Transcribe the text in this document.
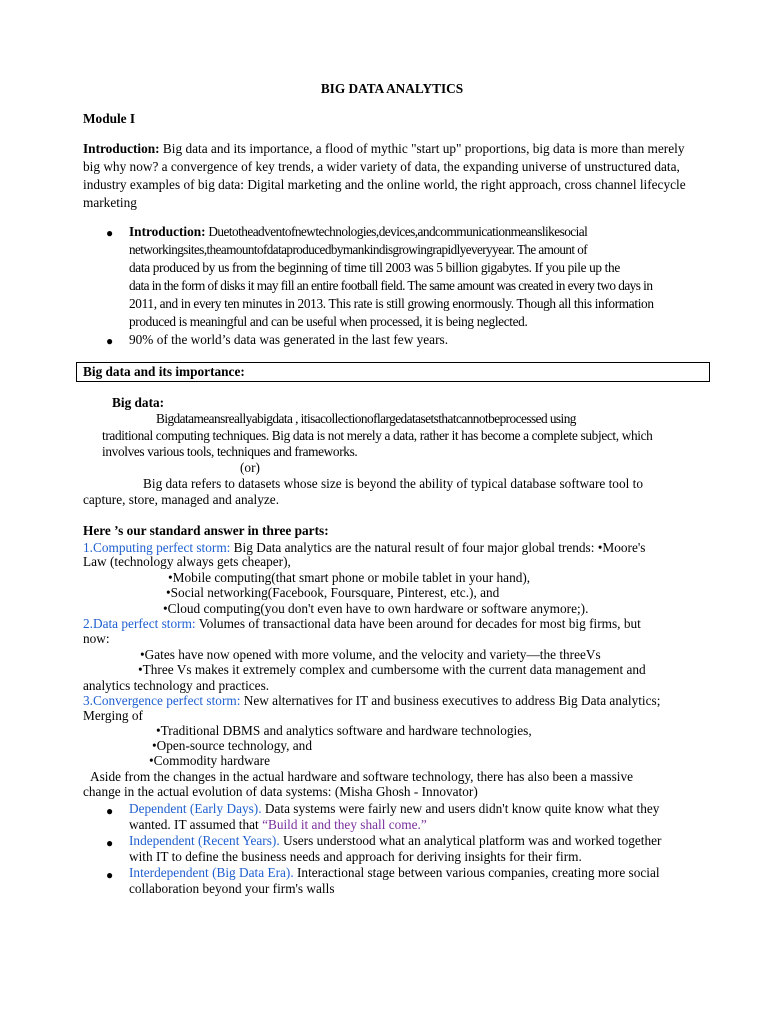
BIG DATA ANALYTICS
Module I
Introduction: Big data and its importance, a flood of mythic "start up" proportions, big data is more than merely big why now? a convergence of key trends, a wider variety of data, the expanding universe of unstructured data, industry examples of big data: Digital marketing and the online world, the right approach, cross channel lifecycle marketing
● Introduction: Duetotheadventofnewtechnologies,devices,andcommunicationmeanslikesocial
networkingsites,theamountofdataproducedbymankindisgrowingrapidlyeveryyear. The amount of
data produced by us from the beginning of time till 2003 was 5 billion gigabytes. If you pile up the
data in the form of disks it may fill an entire football field. The same amount was created in every two days in
2011, and in every ten minutes in 2013. This rate is still growing enormously. Though all this information
produced is meaningful and can be useful when processed, it is being neglected.
● 90% of the world’s data was generated in the last few years.
Big data and its importance:
Big data:
Bigdatameansreallyabigdata , itisacollectionoflargedatasetsthatcannotbeprocessed using
traditional computing techniques. Big data is not merely a data, rather it has become a complete subject, which
involves various tools, techniques and frameworks.
(or)
Big data refers to datasets whose size is beyond the ability of typical database software tool to
capture, store, managed and analyze.
Here ’s our standard answer in three parts:
1.Computing perfect storm: Big Data analytics are the natural result of four major global trends: •Moore's
Law (technology always gets cheaper),
•Mobile computing(that smart phone or mobile tablet in your hand),
•Social networking(Facebook, Foursquare, Pinterest, etc.), and
•Cloud computing(you don't even have to own hardware or software anymore;).
2.Data perfect storm: Volumes of transactional data have been around for decades for most big firms, but
now:
•Gates have now opened with more volume, and the velocity and variety—the threeVs
•Three Vs makes it extremely complex and cumbersome with the current data management and
analytics technology and practices.
3.Convergence perfect storm: New alternatives for IT and business executives to address Big Data analytics;
Merging of
•Traditional DBMS and analytics software and hardware technologies,
•Open-source technology, and
•Commodity hardware
Aside from the changes in the actual hardware and software technology, there has also been a massive
change in the actual evolution of data systems: (Misha Ghosh - Innovator)
● Dependent (Early Days). Data systems were fairly new and users didn't know quite know what they
wanted. IT assumed that “Build it and they shall come.”
● Independent (Recent Years). Users understood what an analytical platform was and worked together
with IT to define the business needs and approach for deriving insights for their firm.
● Interdependent (Big Data Era). Interactional stage between various companies, creating more social
collaboration beyond your firm's walls
